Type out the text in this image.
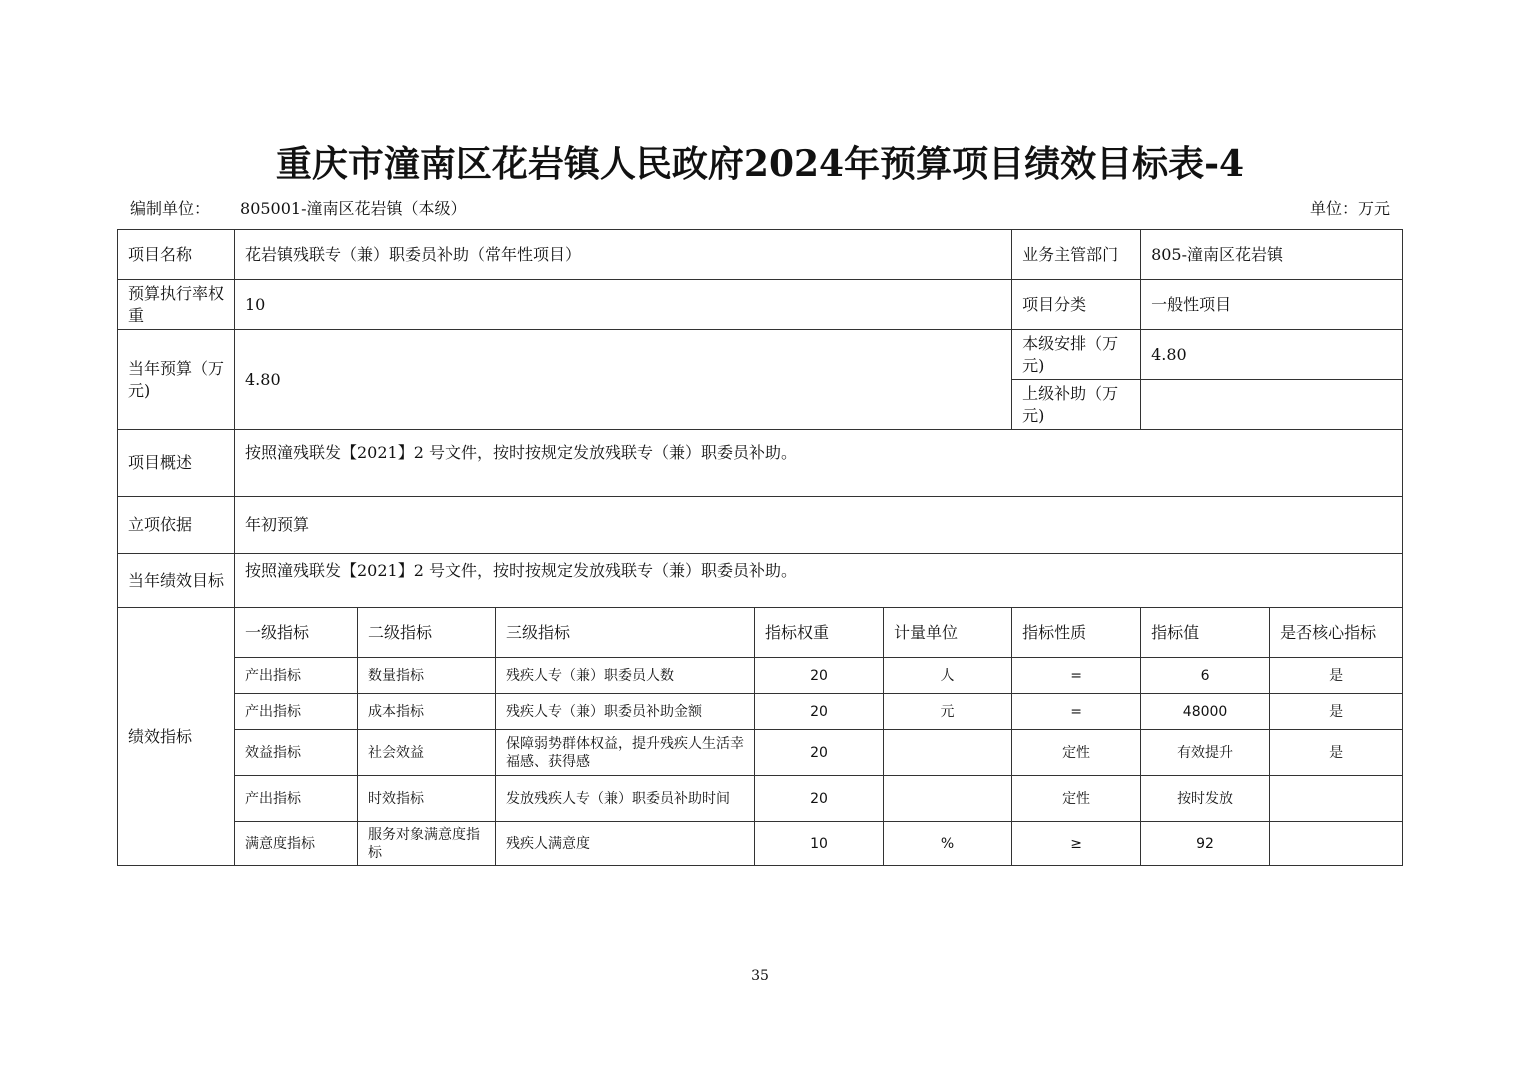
重庆市潼南区花岩镇人民政府2024年预算项目绩效目标表-4
编制单位： 805001-潼南区花岩镇（本级）	单位：万元
项目名称	花岩镇残联专（兼）职委员补助（常年性项目）					业务主管部门	805-潼南区花岩镇	
预算执行率权重	10					项目分类	一般性项目	
当年预算（万元)	4.80					本级安排（万元)	4.80	
						上级补助（万元)		
项目概述	按照潼残联发【2021】2 号文件，按时按规定发放残联专（兼）职委员补助。							
立项依据	年初预算							
当年绩效目标	按照潼残联发【2021】2 号文件，按时按规定发放残联专（兼）职委员补助。							
绩效指标	一级指标	二级指标	三级指标	指标权重	计量单位	指标性质	指标值	是否核心指标
	产出指标	数量指标	残疾人专（兼）职委员人数	20	人	=	6	是
	产出指标	成本指标	残疾人专（兼）职委员补助金额	20	元	=	48000	是
	效益指标	社会效益	保障弱势群体权益，提升残疾人生活幸福感、获得感	20		定性	有效提升	是
	产出指标	时效指标	发放残疾人专（兼）职委员补助时间	20		定性	按时发放	
	满意度指标	服务对象满意度指标	残疾人满意度	10	%	≥	92	
35
